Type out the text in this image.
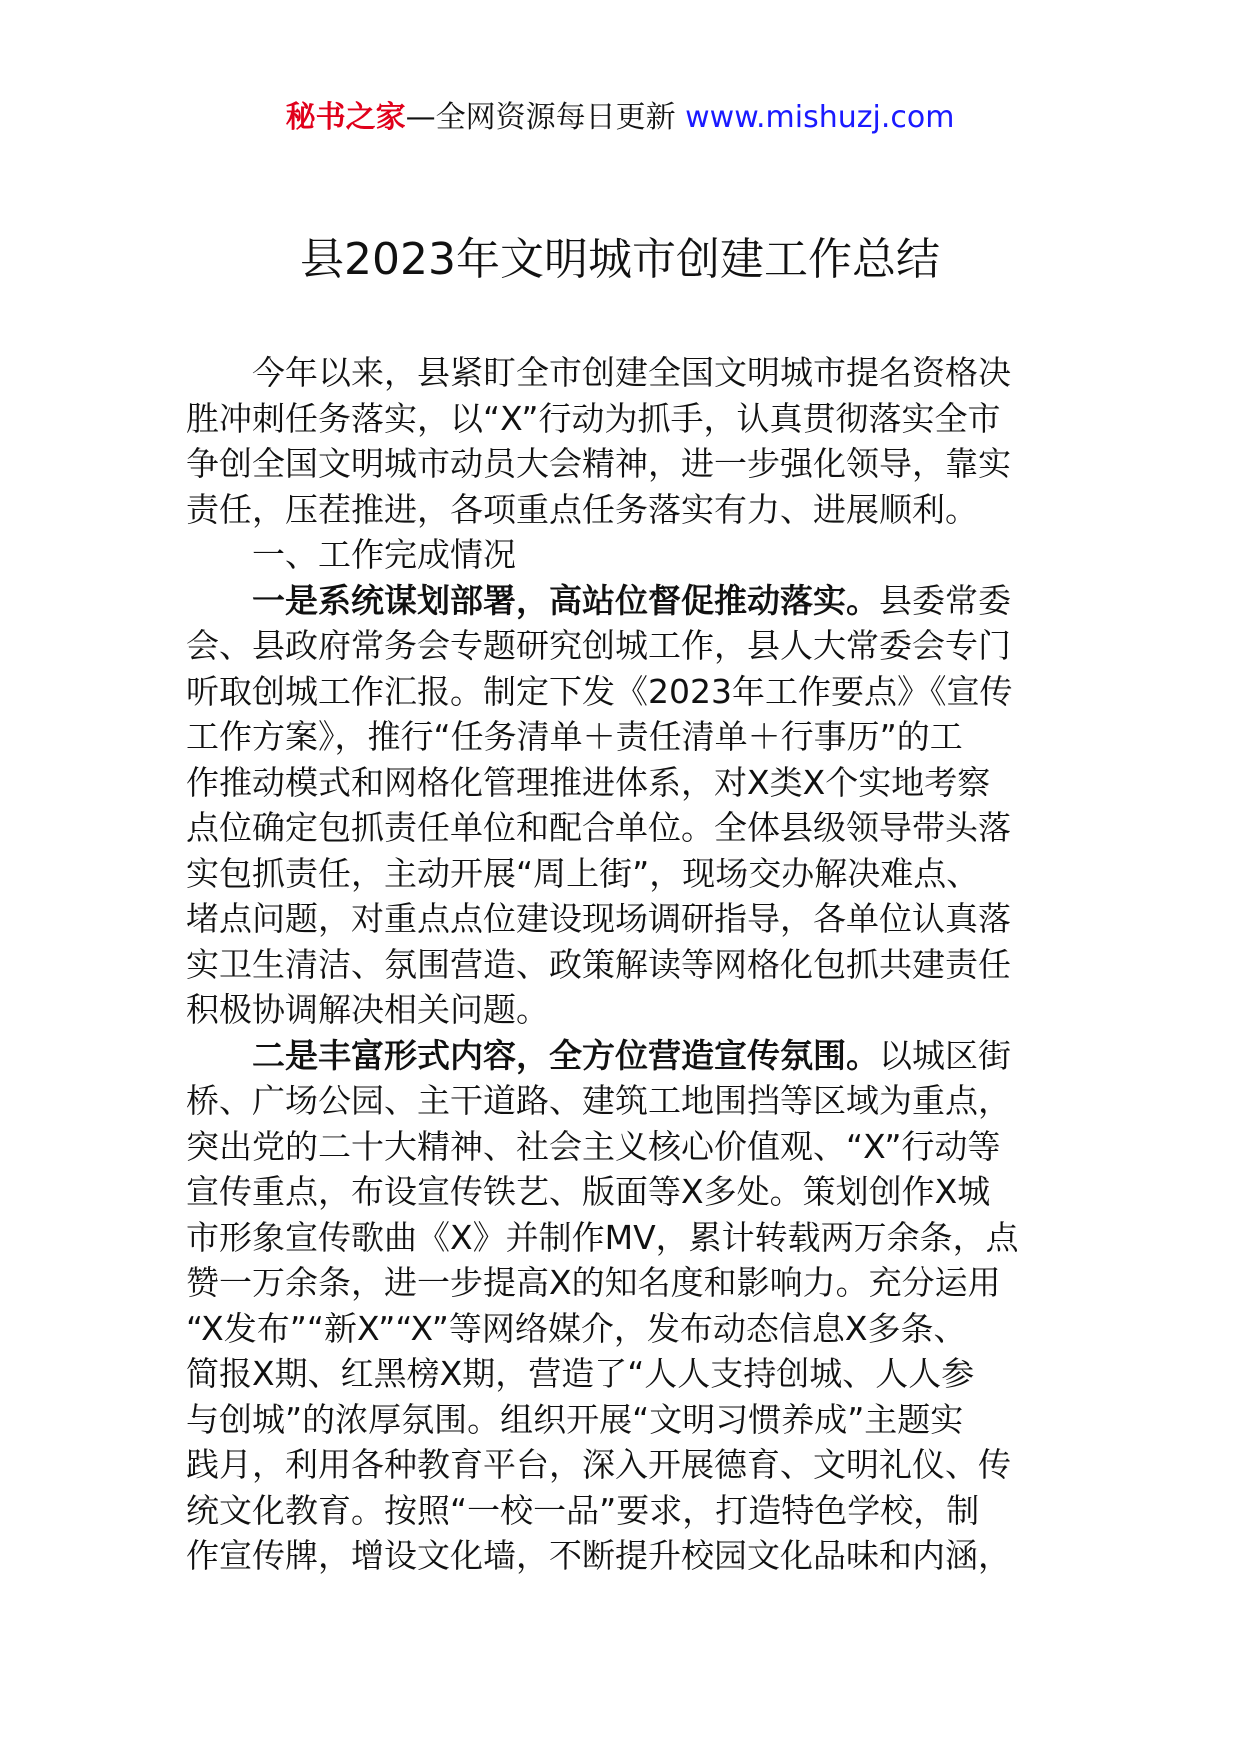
秘书之家—全网资源每日更新 www.mishuzj.com
县2023年文明城市创建工作总结
今年以来，县紧盯全市创建全国文明城市提名资格决
胜冲刺任务落实，以“X”行动为抓手，认真贯彻落实全市
争创全国文明城市动员大会精神，进一步强化领导，靠实
责任，压茬推进，各项重点任务落实有力、进展顺利。
一、工作完成情况
一是系统谋划部署，高站位督促推动落实。县委常委
会、县政府常务会专题研究创城工作，县人大常委会专门
听取创城工作汇报。制定下发《2023年工作要点》《宣传
工作方案》，推行“任务清单＋责任清单＋行事历”的工
作推动模式和网格化管理推进体系，对X类X个实地考察
点位确定包抓责任单位和配合单位。全体县级领导带头落
实包抓责任，主动开展“周上街”，现场交办解决难点、
堵点问题，对重点点位建设现场调研指导，各单位认真落
实卫生清洁、氛围营造、政策解读等网格化包抓共建责任
积极协调解决相关问题。
二是丰富形式内容，全方位营造宣传氛围。以城区街
桥、广场公园、主干道路、建筑工地围挡等区域为重点，
突出党的二十大精神、社会主义核心价值观、“X”行动等
宣传重点，布设宣传铁艺、版面等X多处。策划创作X城
市形象宣传歌曲《X》并制作MV，累计转载两万余条，点
赞一万余条，进一步提高X的知名度和影响力。充分运用
“X发布”“新X”“X”等网络媒介，发布动态信息X多条、
简报X期、红黑榜X期，营造了“人人支持创城、人人参
与创城”的浓厚氛围。组织开展“文明习惯养成”主题实
践月，利用各种教育平台，深入开展德育、文明礼仪、传
统文化教育。按照“一校一品”要求，打造特色学校，制
作宣传牌，增设文化墙，不断提升校园文化品味和内涵，
